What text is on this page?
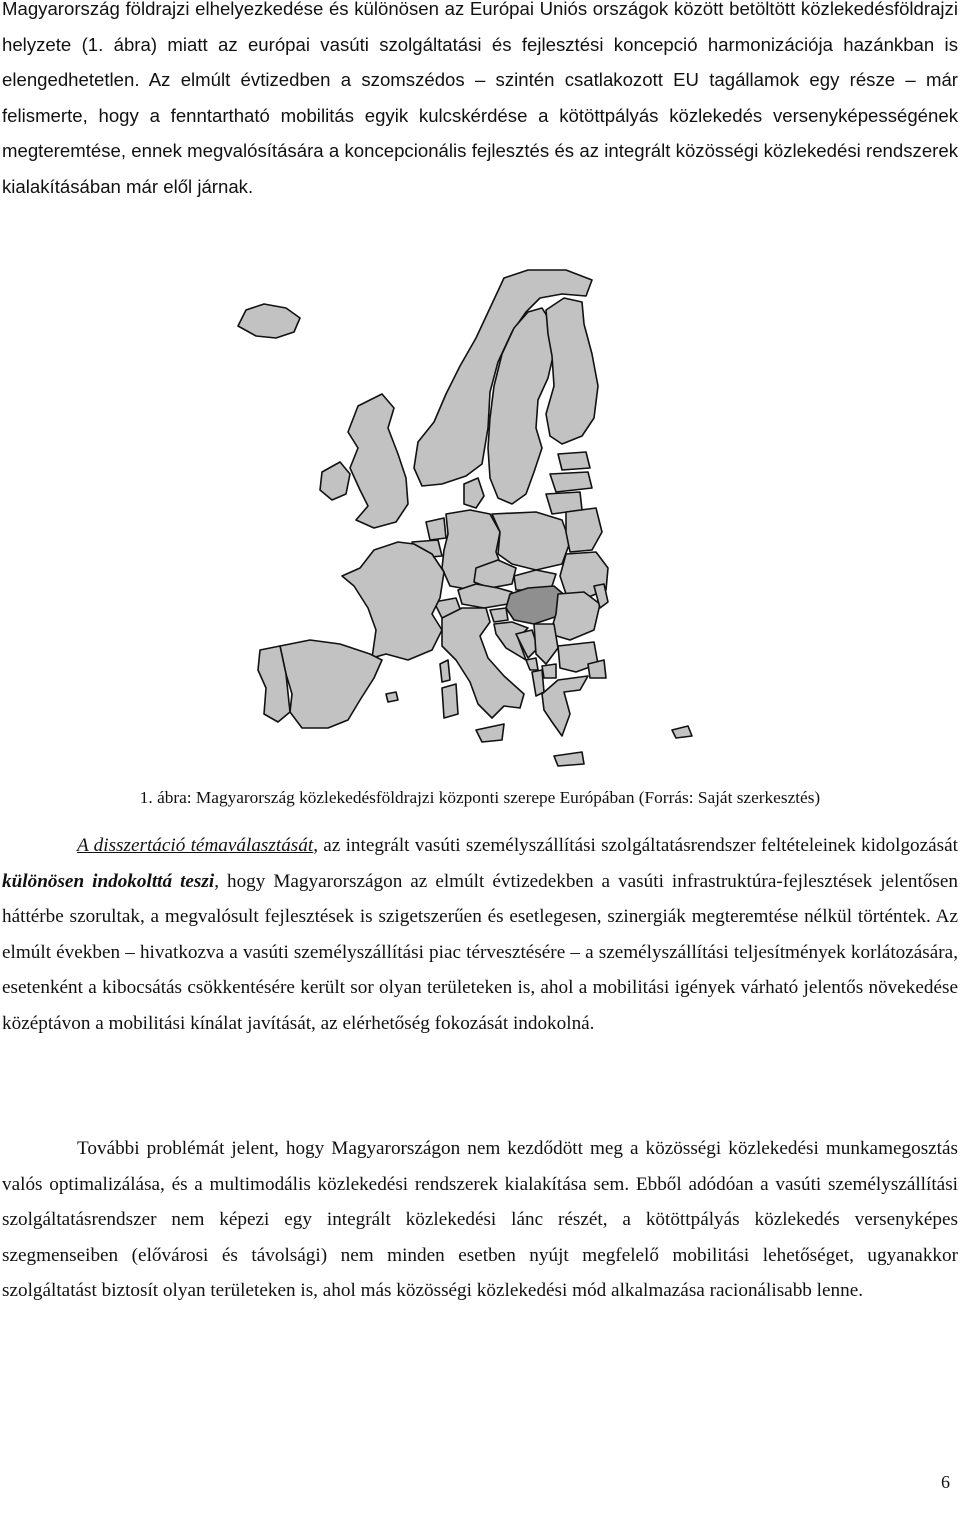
Magyarország földrajzi elhelyezkedése és különösen az Európai Uniós országok között betöltött közlekedésföldrajzi helyzete (1. ábra) miatt az európai vasúti szolgáltatási és fejlesztési koncepció harmonizációja hazánkban is elengedhetetlen. Az elmúlt évtizedben a szomszédos – szintén csatlakozott EU tagállamok egy része – már felismerte, hogy a fenntartható mobilitás egyik kulcskérdése a kötöttpályás közlekedés versenyképességének megteremtése, ennek megvalósítására a koncepcionális fejlesztés és az integrált közösségi közlekedési rendszerek kialakításában már elől járnak.

1. ábra: Magyarország közlekedésföldrajzi központi szerepe Európában (Forrás: Saját szerkesztés)

A disszertáció témaválasztását, az integrált vasúti személyszállítási szolgáltatásrendszer feltételeinek kidolgozását különösen indokolttá teszi, hogy Magyarországon az elmúlt évtizedekben a vasúti infrastruktúra-fejlesztések jelentősen háttérbe szorultak, a megvalósult fejlesztések is szigetszerűen és esetlegesen, szinergiák megteremtése nélkül történtek. Az elmúlt években – hivatkozva a vasúti személyszállítási piac térvesztésére – a személyszállítási teljesítmények korlátozására, esetenként a kibocsátás csökkentésére került sor olyan területeken is, ahol a mobilitási igények várható jelentős növekedése középtávon a mobilitási kínálat javítását, az elérhetőség fokozását indokolná.

További problémát jelent, hogy Magyarországon nem kezdődött meg a közösségi közlekedési munkamegosztás valós optimalizálása, és a multimodális közlekedési rendszerek kialakítása sem. Ebből adódóan a vasúti személyszállítási szolgáltatásrendszer nem képezi egy integrált közlekedési lánc részét, a kötöttpályás közlekedés versenyképes szegmenseiben (elővárosi és távolsági) nem minden esetben nyújt megfelelő mobilitási lehetőséget, ugyanakkor szolgáltatást biztosít olyan területeken is, ahol más közösségi közlekedési mód alkalmazása racionálisabb lenne.

6
